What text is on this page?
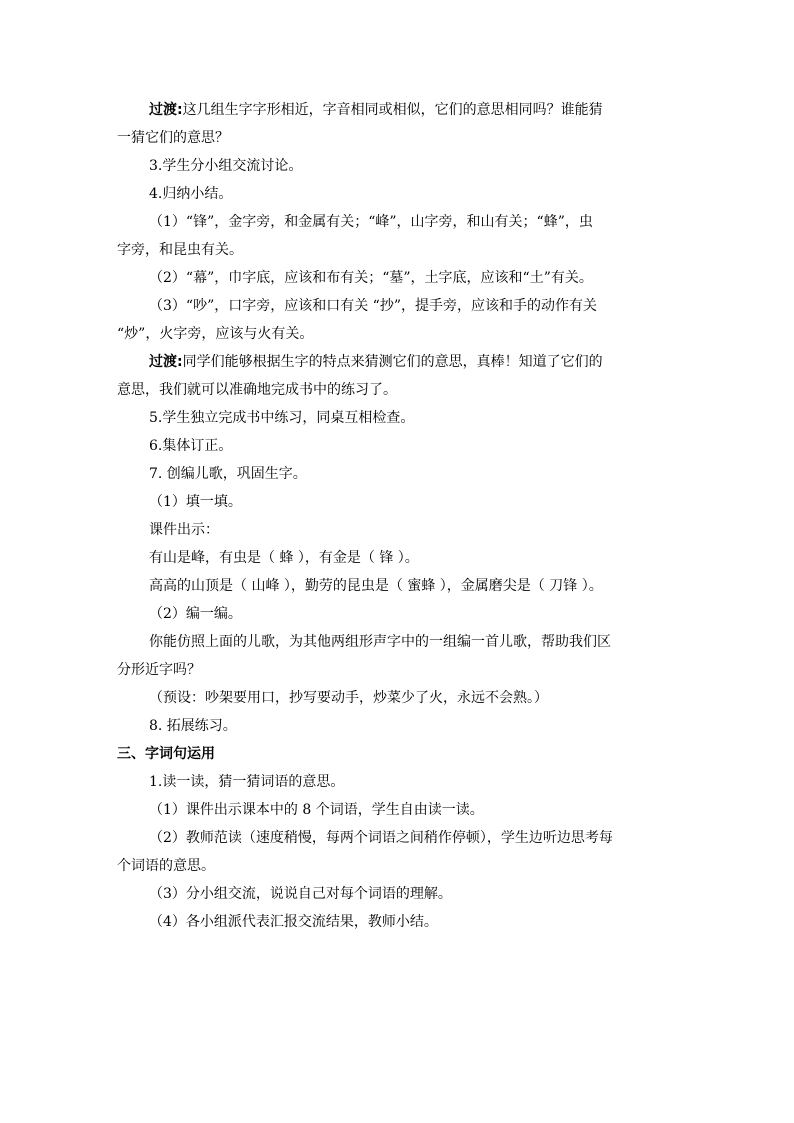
过渡:这几组生字字形相近，字音相同或相似，它们的意思相同吗？谁能猜

一猜它们的意思？

3.学生分小组交流讨论。

4.归纳小结。

（1）“锋”，金字旁，和金属有关；“峰”，山字旁，和山有关；“蜂”，虫

字旁，和昆虫有关。

（2）“幕”，巾字底，应该和布有关；“墓”，土字底，应该和“土”有关。

（3）“吵”，口字旁，应该和口有关 “抄”，提手旁，应该和手的动作有关

“炒”，火字旁，应该与火有关。

过渡:同学们能够根据生字的特点来猜测它们的意思，真棒！知道了它们的

意思，我们就可以准确地完成书中的练习了。

5.学生独立完成书中练习，同桌互相检查。

6.集体订正。

7. 创编儿歌，巩固生字。

（1）填一填。

课件出示：

有山是峰，有虫是（ 蜂 ），有金是（ 锋 ）。

高高的山顶是（ 山峰 ），勤劳的昆虫是（ 蜜蜂 ），金属磨尖是（ 刀锋 ）。

（2）编一编。

你能仿照上面的儿歌，为其他两组形声字中的一组编一首儿歌，帮助我们区

分形近字吗？

（预设：吵架要用口，抄写要动手，炒菜少了火，永远不会熟。）

8. 拓展练习。

三、字词句运用

1.读一读，猜一猜词语的意思。

（1）课件出示课本中的 8 个词语，学生自由读一读。

（2）教师范读（速度稍慢，每两个词语之间稍作停顿），学生边听边思考每

个词语的意思。

（3）分小组交流，说说自己对每个词语的理解。

（4）各小组派代表汇报交流结果，教师小结。
